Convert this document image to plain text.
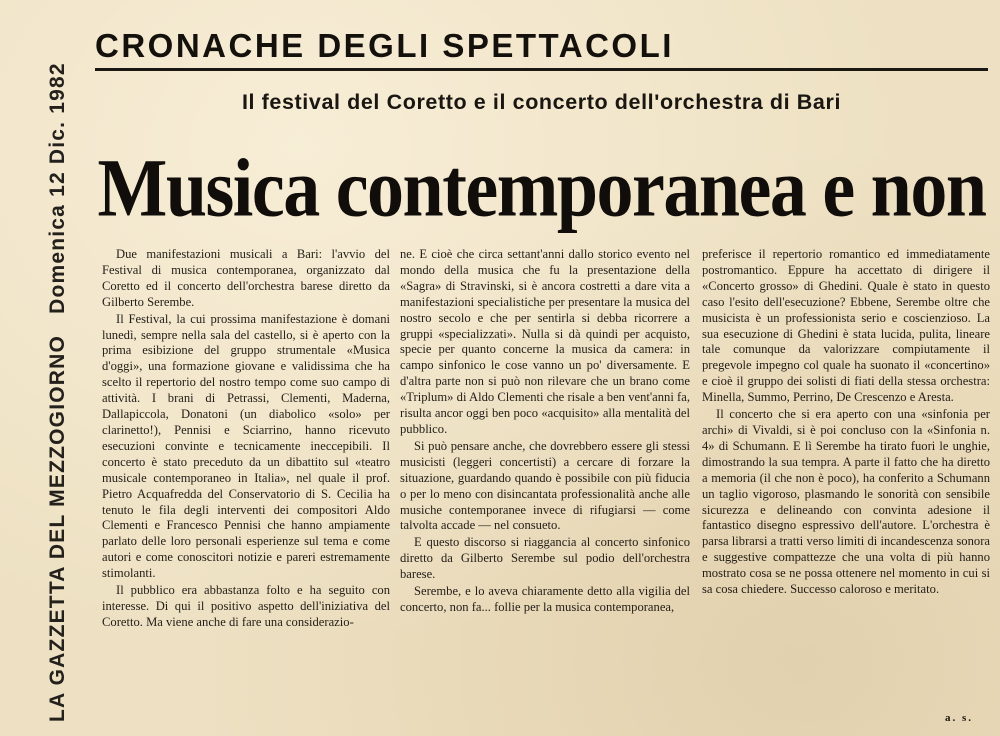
LA GAZZETTA DEL MEZZOGIORNO Domenica 12 Dic. 1982
CRONACHE DEGLI SPETTACOLI
Il festival del Coretto e il concerto dell'orchestra di Bari
Musica contemporanea e non

Due manifestazioni musicali a Bari: l'avvio del Festival di musica contemporanea, organizzato dal Coretto ed il concerto dell'orchestra barese diretto da Gilberto Serembe.

Il Festival, la cui prossima manifestazione è domani lunedì, sempre nella sala del castello, si è aperto con la prima esibizione del gruppo strumentale «Musica d'oggi», una formazione giovane e validissima che ha scelto il repertorio del nostro tempo come suo campo di attività. I brani di Petrassi, Clementi, Maderna, Dallapiccola, Donatoni (un diabolico «solo» per clarinetto!), Pennisi e Sciarrino, hanno ricevuto esecuzioni convinte e tecnicamente ineccepibili. Il concerto è stato preceduto da un dibattito sul «teatro musicale contemporaneo in Italia», nel quale il prof. Pietro Acquafredda del Conservatorio di S. Cecilia ha tenuto le fila degli interventi dei compositori Aldo Clementi e Francesco Pennisi che hanno ampiamente parlato delle loro personali esperienze sul tema e come autori e come conoscitori notizie e pareri estremamente stimolanti.

Il pubblico era abbastanza folto e ha seguito con interesse. Di qui il positivo aspetto dell'iniziativa del Coretto. Ma viene anche di fare una considerazio-

ne. E cioè che circa settant'anni dallo storico evento nel mondo della musica che fu la presentazione della «Sagra» di Stravinski, si è ancora costretti a dare vita a manifestazioni specialistiche per presentare la musica del nostro secolo e che per sentirla si debba ricorrere a gruppi «specializzati». Nulla si dà quindi per acquisto, specie per quanto concerne la musica da camera: in campo sinfonico le cose vanno un po' diversamente. E d'altra parte non si può non rilevare che un brano come «Triplum» di Aldo Clementi che risale a ben vent'anni fa, risulta ancor oggi ben poco «acquisito» alla mentalità del pubblico.

Si può pensare anche, che dovrebbero essere gli stessi musicisti (leggeri concertisti) a cercare di forzare la situazione, guardando quando è possibile con più fiducia o per lo meno con disincantata professionalità anche alle musiche contemporanee invece di rifugiarsi — come talvolta accade — nel consueto.

E questo discorso si riaggancia al concerto sinfonico diretto da Gilberto Serembe sul podio dell'orchestra barese.

Serembe, e lo aveva chiaramente detto alla vigilia del concerto, non fa... follie per la musica contemporanea,

preferisce il repertorio romantico ed immediatamente postromantico. Eppure ha accettato di dirigere il «Concerto grosso» di Ghedini. Quale è stato in questo caso l'esito dell'esecuzione? Ebbene, Serembe oltre che musicista è un professionista serio e coscienzioso. La sua esecuzione di Ghedini è stata lucida, pulita, lineare tale comunque da valorizzare compiutamente il pregevole impegno col quale ha suonato il «concertino» e cioè il gruppo dei solisti di fiati della stessa orchestra: Minella, Summo, Perrino, De Crescenzo e Aresta.

Il concerto che si era aperto con una «sinfonia per archi» di Vivaldi, si è poi concluso con la «Sinfonia n. 4» di Schumann. E lì Serembe ha tirato fuori le unghie, dimostrando la sua tempra. A parte il fatto che ha diretto a memoria (il che non è poco), ha conferito a Schumann un taglio vigoroso, plasmando le sonorità con sensibile sicurezza e delineando con convinta adesione il fantastico disegno espressivo dell'autore. L'orchestra è parsa librarsi a tratti verso limiti di incandescenza sonora e suggestive compattezze che una volta di più hanno mostrato cosa se ne possa ottenere nel momento in cui si sa cosa chiedere. Successo caloroso e meritato.

a. s.
